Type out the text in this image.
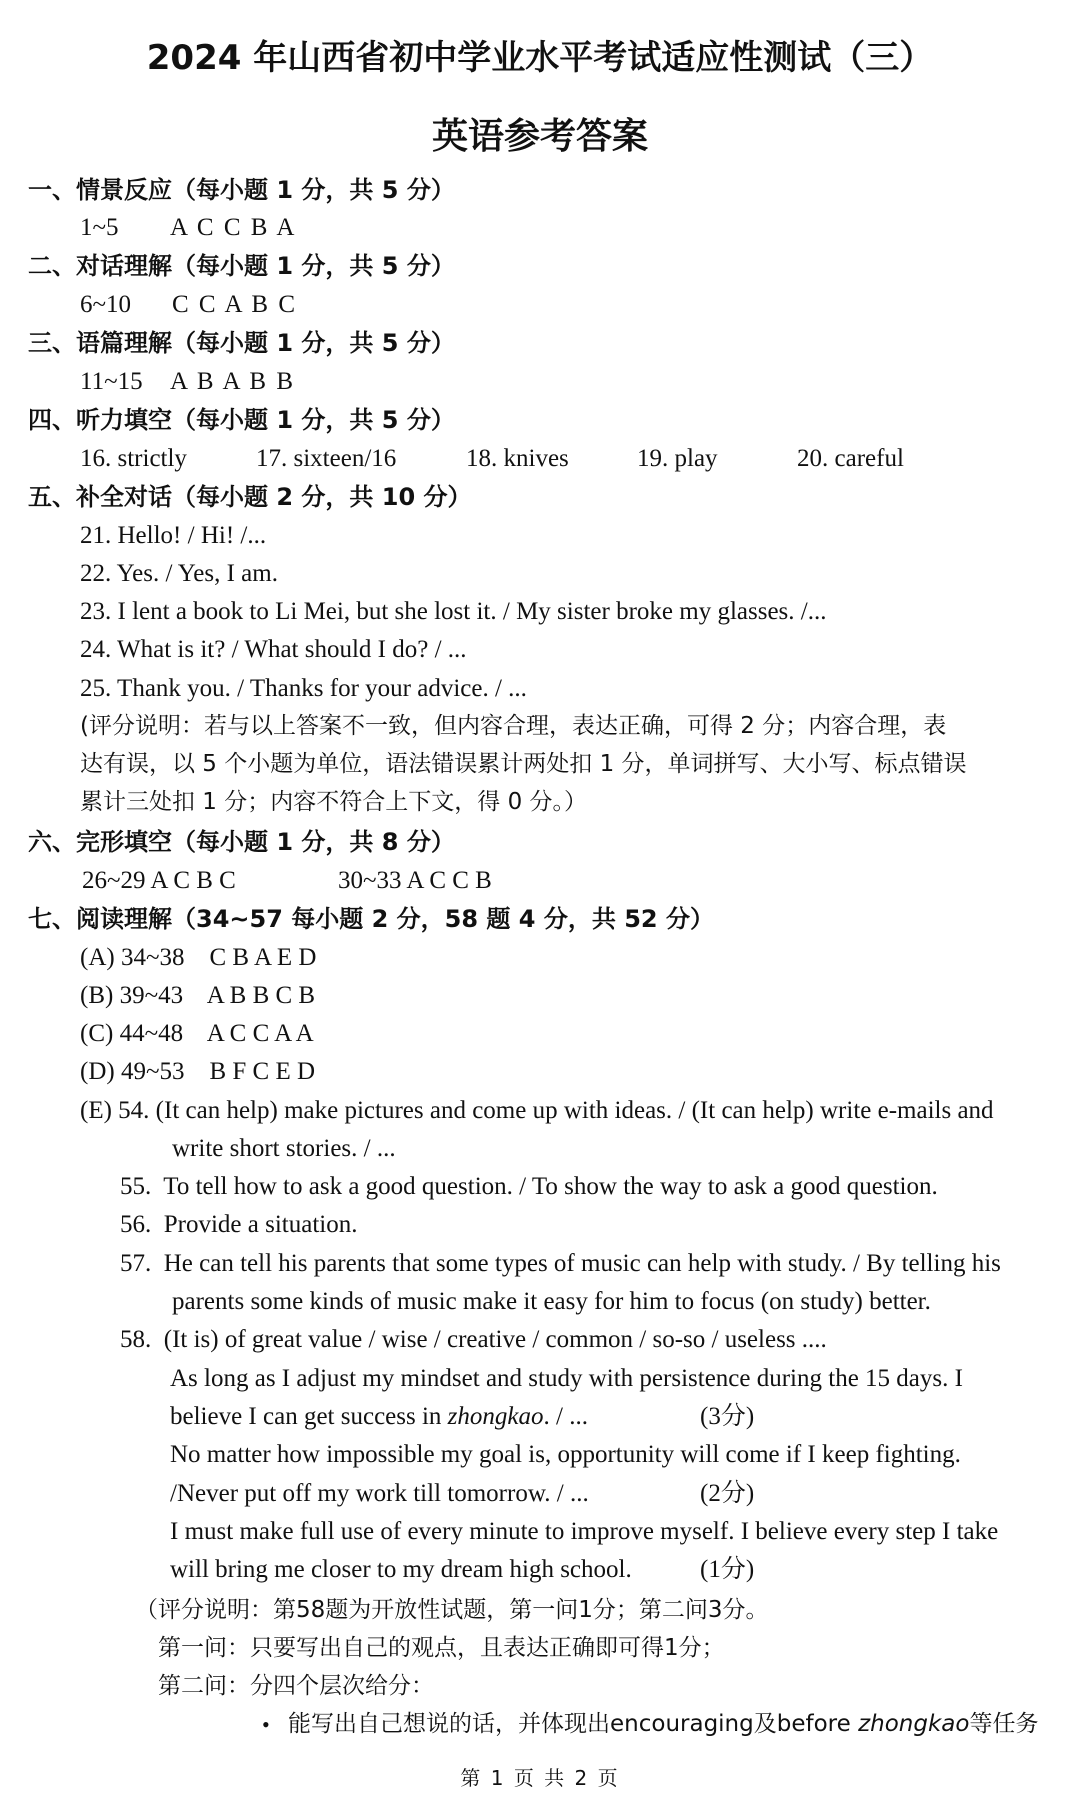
2024 年山西省初中学业水平考试适应性测试（三）
英语参考答案
一、情景反应（每小题 1 分，共 5 分）
1~5 A C C B A
二、对话理解（每小题 1 分，共 5 分）
6~10 C C A B C
三、语篇理解（每小题 1 分，共 5 分）
11~15 A B A B B
四、听力填空（每小题 1 分，共 5 分）
16. strictly	17. sixteen/16	18. knives	19. play	20. careful
五、补全对话（每小题 2 分，共 10 分）
21. Hello! / Hi! /...
22. Yes. / Yes, I am.
23. I lent a book to Li Mei, but she lost it. / My sister broke my glasses. /...
24. What is it? / What should I do? / ...
25. Thank you. / Thanks for your advice. / ...
(评分说明：若与以上答案不一致，但内容合理，表达正确，可得 2 分；内容合理，表
达有误，以 5 个小题为单位，语法错误累计两处扣 1 分，单词拼写、大小写、标点错误
累计三处扣 1 分；内容不符合上下文，得 0 分。）
六、完形填空（每小题 1 分，共 8 分）
26~29 A C B C	30~33 A C C B
七、阅读理解（34~57 每小题 2 分，58 题 4 分，共 52 分）
(A) 34~38    C B A E D
(B) 39~43    A B B C B
(C) 44~48    A C C A A
(D) 49~53    B F C E D
(E) 54. (It can help) make pictures and come up with ideas. / (It can help) write e-mails and
write short stories. / ...
55.  To tell how to ask a good question. / To show the way to ask a good question.
56.  Provide a situation.
57.  He can tell his parents that some types of music can help with study. / By telling his
parents some kinds of music make it easy for him to focus (on study) better.
58.  (It is) of great value / wise / creative / common / so-so / useless ....
As long as I adjust my mindset and study with persistence during the 15 days. I
believe I can get success in zhongkao. / ...	(3分)
No matter how impossible my goal is, opportunity will come if I keep fighting.
/Never put off my work till tomorrow. / ...	(2分)
I must make full use of every minute to improve myself. I believe every step I take
will bring me closer to my dream high school.	(1分)
（评分说明：第58题为开放性试题，第一问1分；第二问3分。
第一问：只要写出自己的观点，且表达正确即可得1分；
第二问：分四个层次给分：
• 能写出自己想说的话，并体现出encouraging及before zhongkao等任务
第 1 页 共 2 页
